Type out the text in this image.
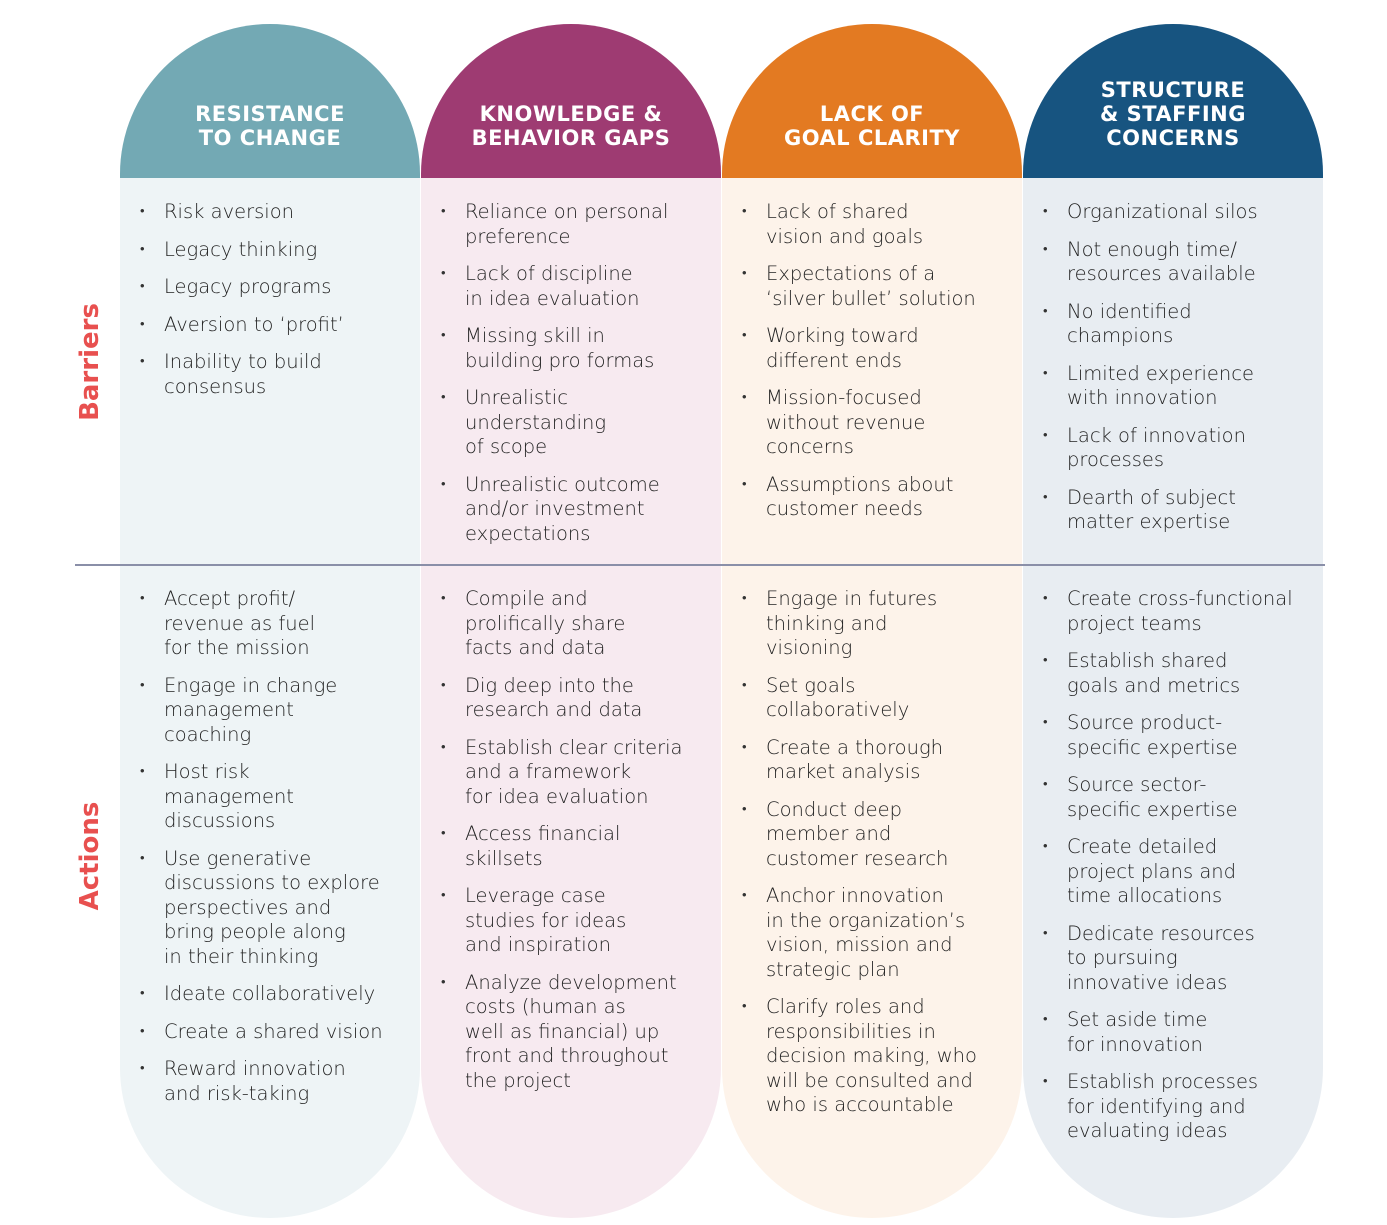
Barriers
Actions
RESISTANCE
TO CHANGE
• Risk aversion
• Legacy thinking
• Legacy programs
• Aversion to ‘profit’
• Inability to build
consensus
• Accept profit/
revenue as fuel
for the mission
• Engage in change
management
coaching
• Host risk
management
discussions
• Use generative
discussions to explore
perspectives and
bring people along
in their thinking
• Ideate collaboratively
• Create a shared vision
• Reward innovation
and risk-taking
KNOWLEDGE &
BEHAVIOR GAPS
• Reliance on personal
preference
• Lack of discipline
in idea evaluation
• Missing skill in
building pro formas
• Unrealistic
understanding
of scope
• Unrealistic outcome
and/or investment
expectations
• Compile and
prolifically share
facts and data
• Dig deep into the
research and data
• Establish clear criteria
and a framework
for idea evaluation
• Access financial
skillsets
• Leverage case
studies for ideas
and inspiration
• Analyze development
costs (human as
well as financial) up
front and throughout
the project
LACK OF
GOAL CLARITY
• Lack of shared
vision and goals
• Expectations of a
‘silver bullet’ solution
• Working toward
different ends
• Mission-focused
without revenue
concerns
• Assumptions about
customer needs
• Engage in futures
thinking and
visioning
• Set goals
collaboratively
• Create a thorough
market analysis
• Conduct deep
member and
customer research
• Anchor innovation
in the organization’s
vision, mission and
strategic plan
• Clarify roles and
responsibilities in
decision making, who
will be consulted and
who is accountable
STRUCTURE
& STAFFING
CONCERNS
• Organizational silos
• Not enough time/
resources available
• No identified
champions
• Limited experience
with innovation
• Lack of innovation
processes
• Dearth of subject
matter expertise
• Create cross-functional
project teams
• Establish shared
goals and metrics
• Source product-
specific expertise
• Source sector-
specific expertise
• Create detailed
project plans and
time allocations
• Dedicate resources
to pursuing
innovative ideas
• Set aside time
for innovation
• Establish processes
for identifying and
evaluating ideas
